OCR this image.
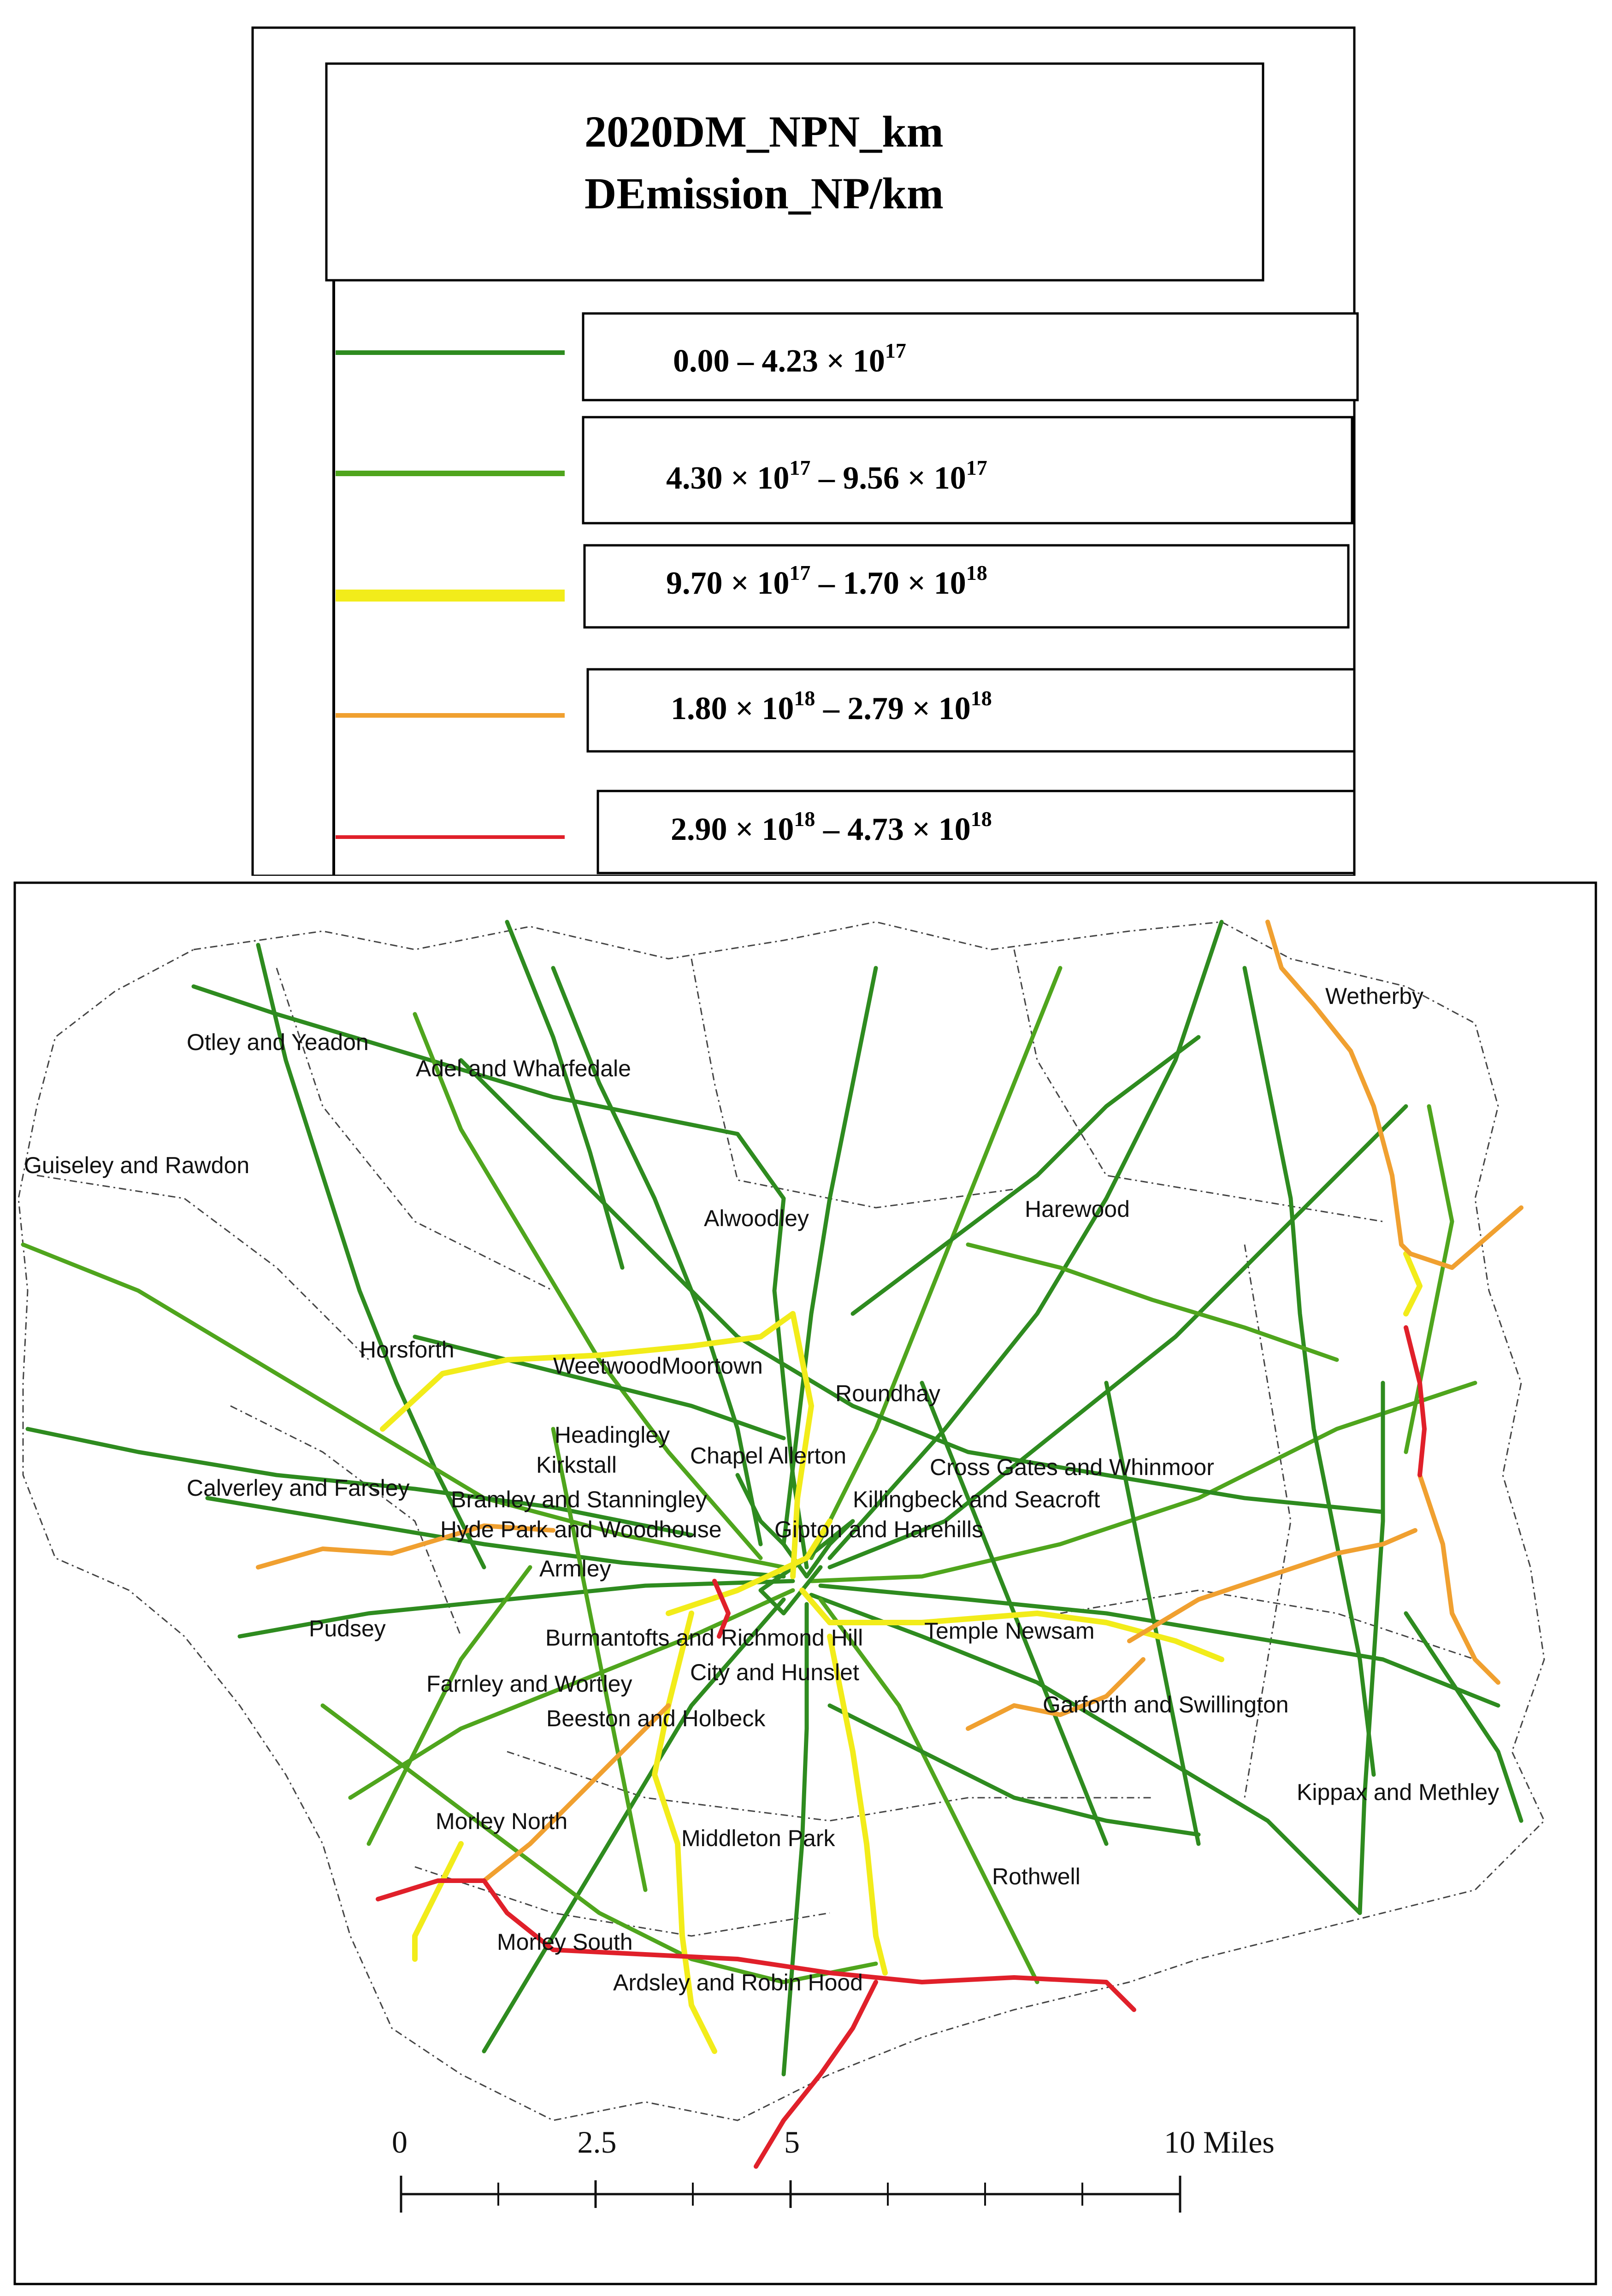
2020DM_NPN_km
DEmission_NP/km
$0.00 - 4.23 \times 10^{17}$
$4.30 \times 10^{17} - 9.56 \times 10^{17}$
$9.70 \times 10^{17} - 1.70 \times 10^{18}$
$1.80 \times 10^{18} - 2.79 \times 10^{18}$
$2.90 \times 10^{18} - 4.73 \times 10^{18}$
Otley and Yeadon
Adel and Wharfedale
Wetherby
Guiseley and Rawdon
Alwoodley	Harewood
Horsforth
WeetwoodMoortown
Roundhay
Headingley
Kirkstall	Chapel Allerton	Cross Gates and Whinmoor
Calverley and Farsley Bramley and Stanningley	Killingbeck and Seacroft
Hyde Park and Woodhouse Gipton and Harehills
Armley
Pudsey	Burmantofts and Richmond Hill	Temple Newsam
City and Hunslet
Farnley and Wortley
Beeston and Holbeck
Garforth and Swillington
Kippax and Methley
Morley North
Middleton Park
Rothwell
Morley South
Ardsley and Robin Hood
0	2.5	5	10 Miles
